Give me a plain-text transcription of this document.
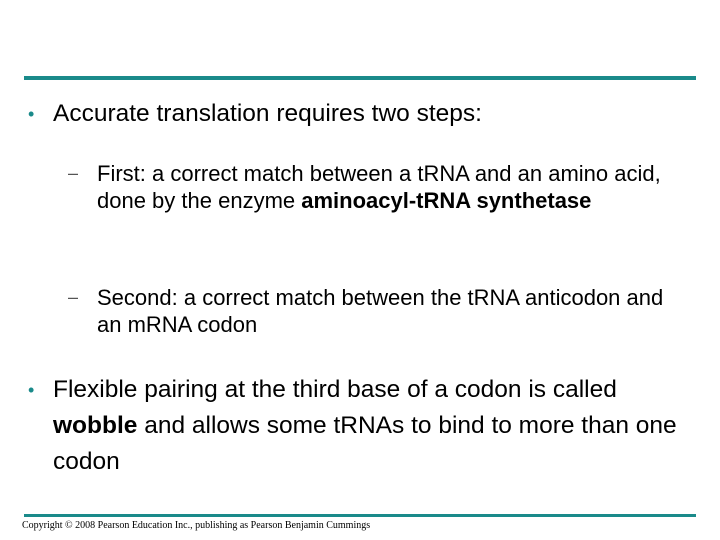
• Accurate translation requires two steps:
– First: a correct match between a tRNA and an amino acid, done by the enzyme aminoacyl-tRNA synthetase
– Second: a correct match between the tRNA anticodon and an mRNA codon
• Flexible pairing at the third base of a codon is called wobble and allows some tRNAs to bind to more than one codon
Copyright © 2008 Pearson Education Inc., publishing as Pearson Benjamin Cummings
